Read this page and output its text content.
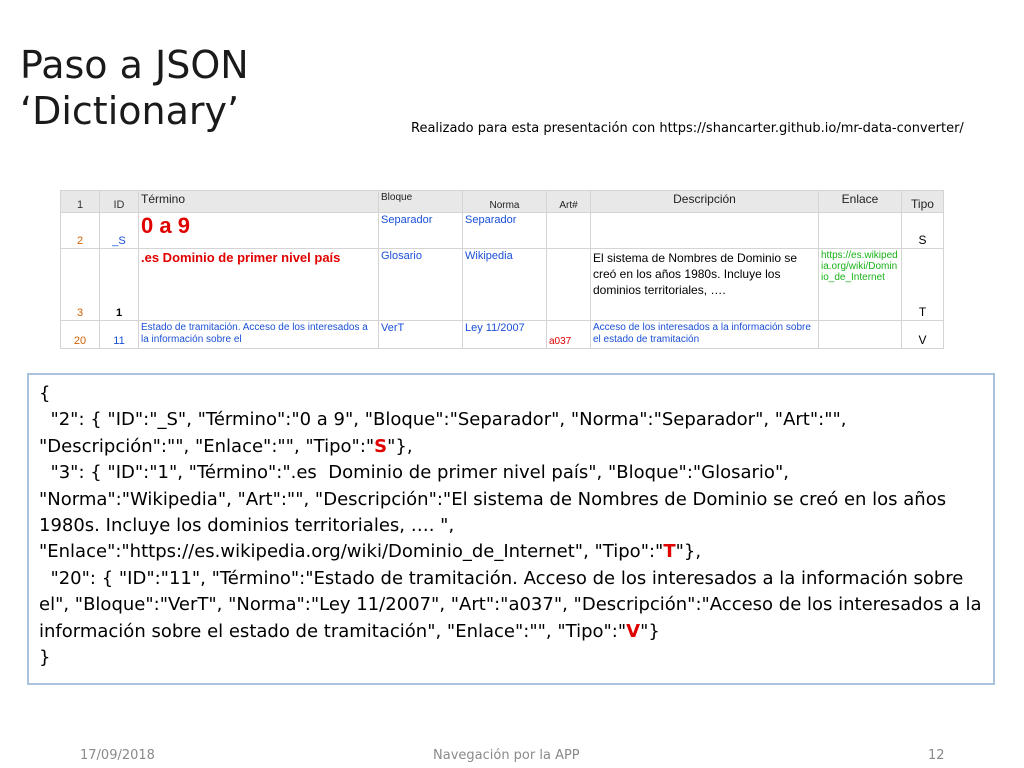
Paso a JSON
‘Dictionary’	Realizado para esta presentación con https://shancarter.github.io/mr-data-converter/
1	ID	Término	Bloque	Norma	Art#	Descripción	Enlace	Tipo
2	_S	0 a 9	Separador	Separador				S
3	1	.es Dominio de primer nivel país	Glosario	Wikipedia		El sistema de Nombres de Dominio se creó en los años 1980s. Incluye los dominios territoriales, ….	https://es.wikipedia.org/wiki/Dominio_de_Internet	T
20	11	Estado de tramitación. Acceso de los interesados a la información sobre el	VerT	Ley 11/2007	a037	Acceso de los interesados a la información sobre el estado de tramitación		V
{
"2": { "ID":"_S", "Término":"0 a 9", "Bloque":"Separador", "Norma":"Separador", "Art":"", "Descripción":"", "Enlace":"", "Tipo":"S"},
"3": { "ID":"1", "Término":".es  Dominio de primer nivel país", "Bloque":"Glosario", "Norma":"Wikipedia", "Art":"", "Descripción":"El sistema de Nombres de Dominio se creó en los años 1980s. Incluye los dominios territoriales, …. ", "Enlace":"https://es.wikipedia.org/wiki/Dominio_de_Internet", "Tipo":"T"},
"20": { "ID":"11", "Término":"Estado de tramitación. Acceso de los interesados a la información sobre el", "Bloque":"VerT", "Norma":"Ley 11/2007", "Art":"a037", "Descripción":"Acceso de los interesados a la información sobre el estado de tramitación", "Enlace":"", "Tipo":"V"}
}
17/09/2018	Navegación por la APP	12
